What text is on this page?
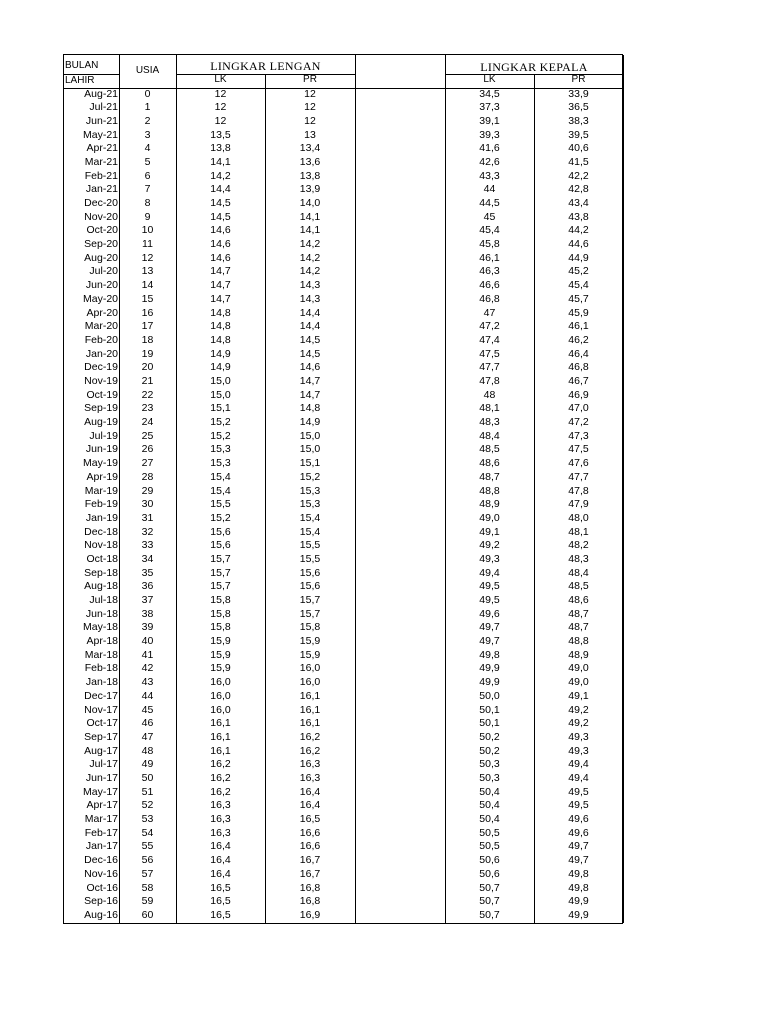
BULAN
LAHIR
USIA	LINGKAR LENGAN	LINGKAR KEPALA
LK	PR	LK	PR
Aug-21	0	12	12	34,5	33,9
Jul-21	1	12	12	37,3	36,5
Jun-21	2	12	12	39,1	38,3
May-21	3	13,5	13	39,3	39,5
Apr-21	4	13,8	13,4	41,6	40,6
Mar-21	5	14,1	13,6	42,6	41,5
Feb-21	6	14,2	13,8	43,3	42,2
Jan-21	7	14,4	13,9	44	42,8
Dec-20	8	14,5	14,0	44,5	43,4
Nov-20	9	14,5	14,1	45	43,8
Oct-20	10	14,6	14,1	45,4	44,2
Sep-20	11	14,6	14,2	45,8	44,6
Aug-20	12	14,6	14,2	46,1	44,9
Jul-20	13	14,7	14,2	46,3	45,2
Jun-20	14	14,7	14,3	46,6	45,4
May-20	15	14,7	14,3	46,8	45,7
Apr-20	16	14,8	14,4	47	45,9
Mar-20	17	14,8	14,4	47,2	46,1
Feb-20	18	14,8	14,5	47,4	46,2
Jan-20	19	14,9	14,5	47,5	46,4
Dec-19	20	14,9	14,6	47,7	46,8
Nov-19	21	15,0	14,7	47,8	46,7
Oct-19	22	15,0	14,7	48	46,9
Sep-19	23	15,1	14,8	48,1	47,0
Aug-19	24	15,2	14,9	48,3	47,2
Jul-19	25	15,2	15,0	48,4	47,3
Jun-19	26	15,3	15,0	48,5	47,5
May-19	27	15,3	15,1	48,6	47,6
Apr-19	28	15,4	15,2	48,7	47,7
Mar-19	29	15,4	15,3	48,8	47,8
Feb-19	30	15,5	15,3	48,9	47,9
Jan-19	31	15,2	15,4	49,0	48,0
Dec-18	32	15,6	15,4	49,1	48,1
Nov-18	33	15,6	15,5	49,2	48,2
Oct-18	34	15,7	15,5	49,3	48,3
Sep-18	35	15,7	15,6	49,4	48,4
Aug-18	36	15,7	15,6	49,5	48,5
Jul-18	37	15,8	15,7	49,5	48,6
Jun-18	38	15,8	15,7	49,6	48,7
May-18	39	15,8	15,8	49,7	48,7
Apr-18	40	15,9	15,9	49,7	48,8
Mar-18	41	15,9	15,9	49,8	48,9
Feb-18	42	15,9	16,0	49,9	49,0
Jan-18	43	16,0	16,0	49,9	49,0
Dec-17	44	16,0	16,1	50,0	49,1
Nov-17	45	16,0	16,1	50,1	49,2
Oct-17	46	16,1	16,1	50,1	49,2
Sep-17	47	16,1	16,2	50,2	49,3
Aug-17	48	16,1	16,2	50,2	49,3
Jul-17	49	16,2	16,3	50,3	49,4
Jun-17	50	16,2	16,3	50,3	49,4
May-17	51	16,2	16,4	50,4	49,5
Apr-17	52	16,3	16,4	50,4	49,5
Mar-17	53	16,3	16,5	50,4	49,6
Feb-17	54	16,3	16,6	50,5	49,6
Jan-17	55	16,4	16,6	50,5	49,7
Dec-16	56	16,4	16,7	50,6	49,7
Nov-16	57	16,4	16,7	50,6	49,8
Oct-16	58	16,5	16,8	50,7	49,8
Sep-16	59	16,5	16,8	50,7	49,9
Aug-16	60	16,5	16,9	50,7	49,9
